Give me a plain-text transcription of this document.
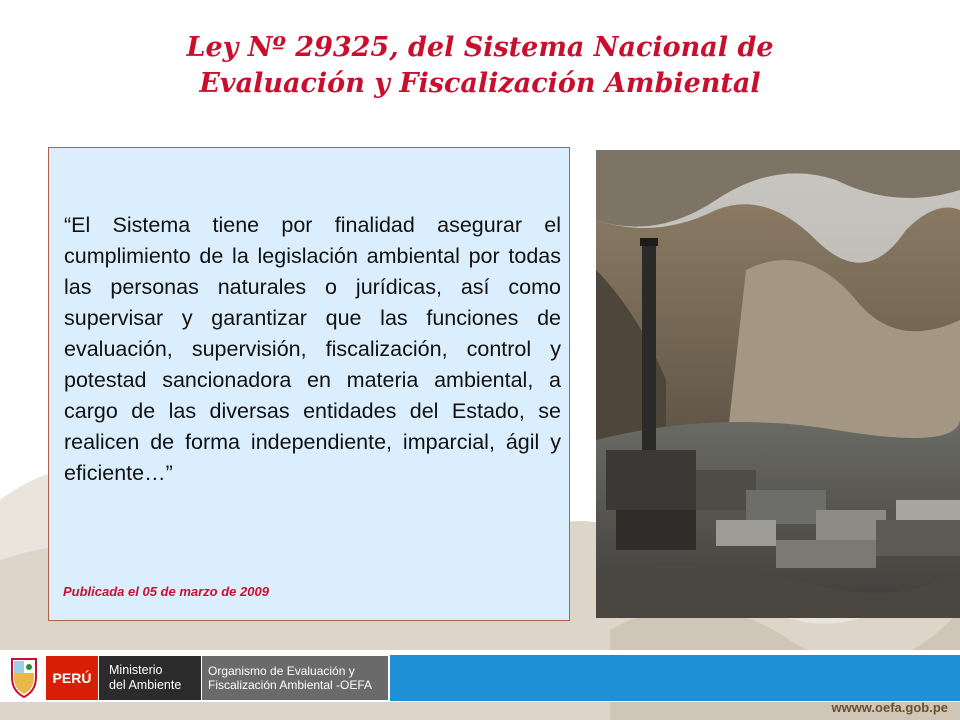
Ley Nº 29325, del Sistema Nacional de
Evaluación y Fiscalización Ambiental
“El Sistema tiene por finalidad asegurar el cumplimiento de la legislación ambiental por todas las personas naturales o jurídicas, así como supervisar y garantizar que las funciones de evaluación, supervisión, fiscalización, control y potestad sancionadora en materia ambiental, a cargo de las diversas entidades del Estado, se realicen de forma independiente, imparcial, ágil y eficiente…”
Publicada el 05 de marzo de 2009
PERÚ	Ministerio
del Ambiente
Organismo de Evaluación y
Fiscalización Ambiental -OEFA
wwww.oefa.gob.pe
